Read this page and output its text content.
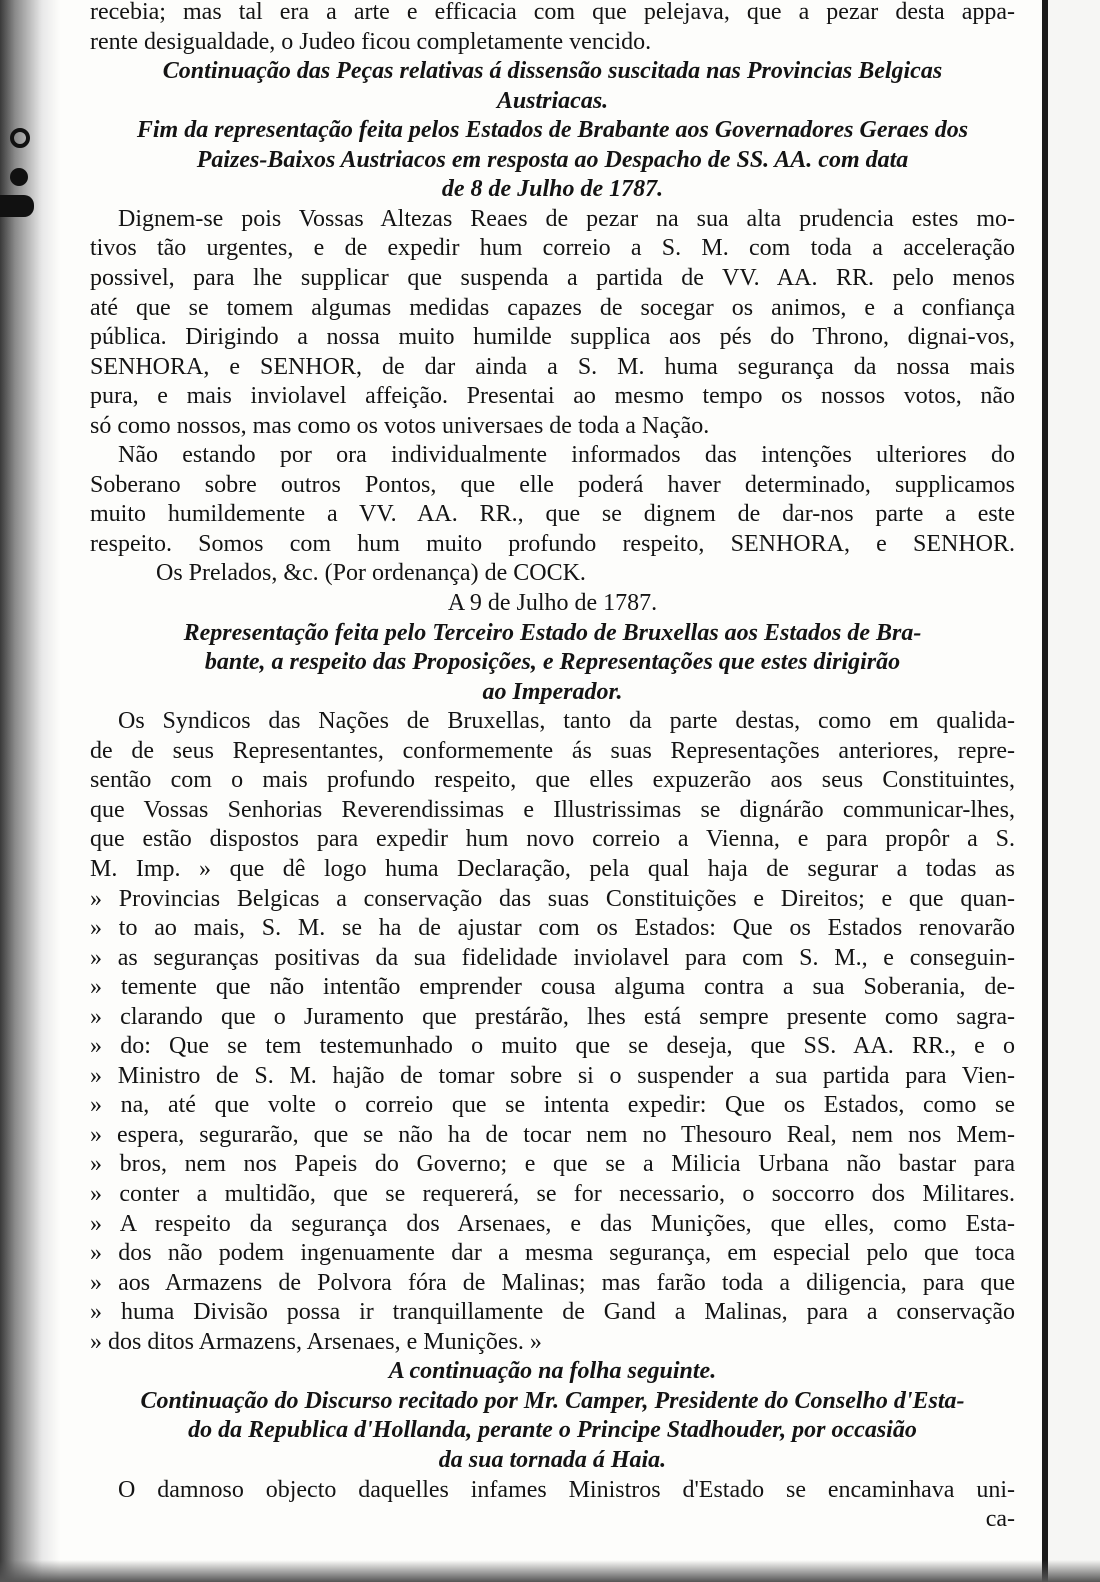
recebia; mas tal era a arte e efficacia com que pelejava, que a pezar desta appa-
rente desigualdade, o Judeo ficou completamente vencido.
Continuação das Peças relativas á dissensão suscitada nas Provincias Belgicas
Austriacas.
Fim da representação feita pelos Estados de Brabante aos Governadores Geraes dos
Paizes-Baixos Austriacos em resposta ao Despacho de SS. AA. com data
de 8 de Julho de 1787.
Dignem-se pois Vossas Altezas Reaes de pezar na sua alta prudencia estes mo-
tivos tão urgentes, e de expedir hum correio a S. M. com toda a acceleração
possivel, para lhe supplicar que suspenda a partida de VV. AA. RR. pelo menos
até que se tomem algumas medidas capazes de socegar os animos, e a confiança
pública. Dirigindo a nossa muito humilde supplica aos pés do Throno, dignai-vos,
SENHORA, e SENHOR, de dar ainda a S. M. huma segurança da nossa mais
pura, e mais inviolavel affeição. Presentai ao mesmo tempo os nossos votos, não
só como nossos, mas como os votos universaes de toda a Nação.
Não estando por ora individualmente informados das intenções ulteriores do
Soberano sobre outros Pontos, que elle poderá haver determinado, supplicamos
muito humildemente a VV. AA. RR., que se dignem de dar-nos parte a este
respeito. Somos com hum muito profundo respeito, SENHORA, e SENHOR.
Os Prelados, &c. (Por ordenança) de COCK.
A 9 de Julho de 1787.
Representação feita pelo Terceiro Estado de Bruxellas aos Estados de Bra-
bante, a respeito das Proposições, e Representações que estes dirigirão
ao Imperador.
Os Syndicos das Nações de Bruxellas, tanto da parte destas, como em qualida-
de de seus Representantes, conformemente ás suas Representações anteriores, repre-
sentão com o mais profundo respeito, que elles expuzerão aos seus Constituintes,
que Vossas Senhorias Reverendissimas e Illustrissimas se dignárão communicar-lhes,
que estão dispostos para expedir hum novo correio a Vienna, e para propôr a S.
M. Imp. » que dê logo huma Declaração, pela qual haja de segurar a todas as
» Provincias Belgicas a conservação das suas Constituições e Direitos; e que quan-
» to ao mais, S. M. se ha de ajustar com os Estados: Que os Estados renovarão
» as seguranças positivas da sua fidelidade inviolavel para com S. M., e conseguin-
» temente que não intentão emprender cousa alguma contra a sua Soberania, de-
» clarando que o Juramento que prestárão, lhes está sempre presente como sagra-
» do: Que se tem testemunhado o muito que se deseja, que SS. AA. RR., e o
» Ministro de S. M. hajão de tomar sobre si o suspender a sua partida para Vien-
» na, até que volte o correio que se intenta expedir: Que os Estados, como se
» espera, segurarão, que se não ha de tocar nem no Thesouro Real, nem nos Mem-
» bros, nem nos Papeis do Governo; e que se a Milicia Urbana não bastar para
» conter a multidão, que se requererá, se for necessario, o soccorro dos Militares.
» A respeito da segurança dos Arsenaes, e das Munições, que elles, como Esta-
» dos não podem ingenuamente dar a mesma segurança, em especial pelo que toca
» aos Armazens de Polvora fóra de Malinas; mas farão toda a diligencia, para que
» huma Divisão possa ir tranquillamente de Gand a Malinas, para a conservação
» dos ditos Armazens, Arsenaes, e Munições. »
A continuação na folha seguinte.
Continuação do Discurso recitado por Mr. Camper, Presidente do Conselho d'Esta-
do da Republica d'Hollanda, perante o Principe Stadhouder, por occasião
da sua tornada á Haia.
O damnoso objecto daquelles infames Ministros d'Estado se encaminhava uni-
ca-
